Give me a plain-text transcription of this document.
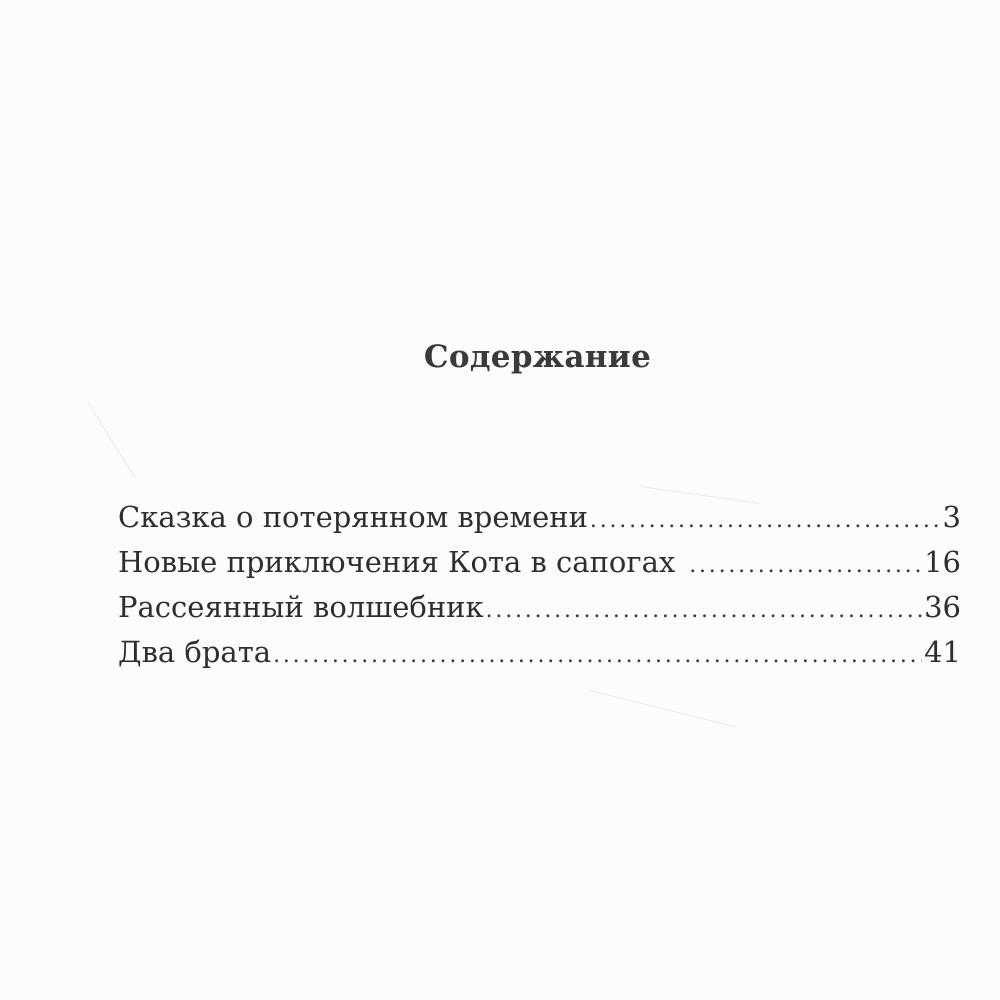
Содержание
Сказка о потерянном времени .....	3
Новые приключения Кота в сапогах .....	16
Рассеянный волшебник .....	36
Два брата .....	41
